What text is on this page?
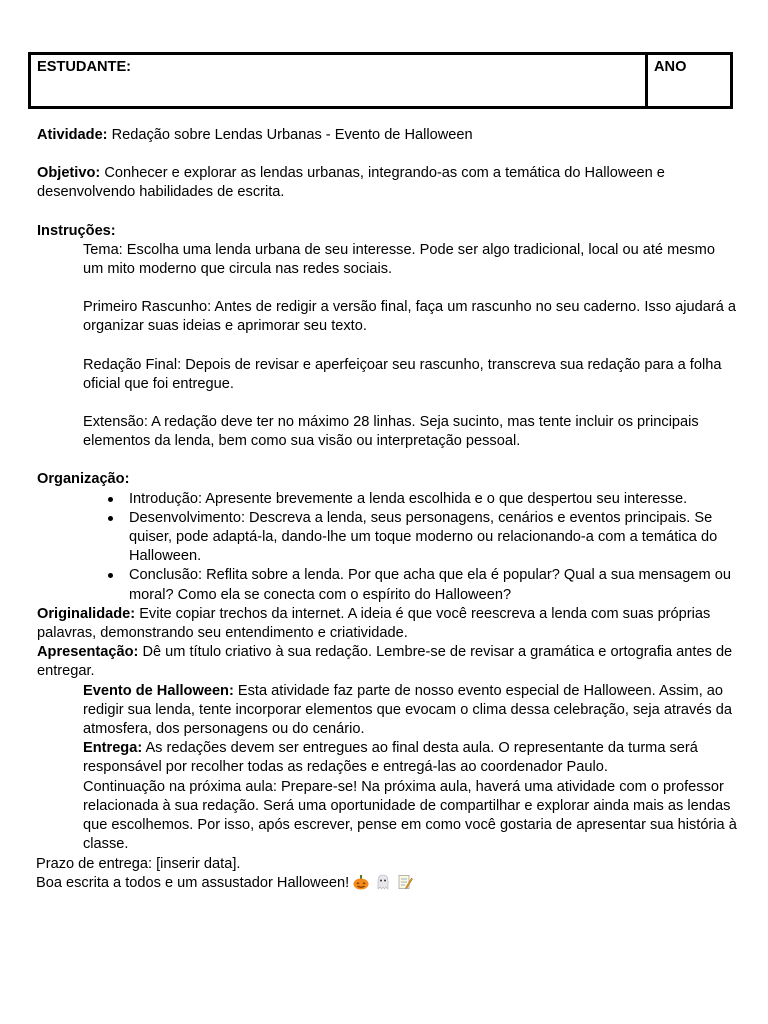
ESTUDANTE:	ANO

Atividade: Redação sobre Lendas Urbanas - Evento de Halloween

Objetivo: Conhecer e explorar as lendas urbanas, integrando-as com a temática do Halloween e desenvolvendo habilidades de escrita.

Instruções:

Tema: Escolha uma lenda urbana de seu interesse. Pode ser algo tradicional, local ou até mesmo um mito moderno que circula nas redes sociais.

Primeiro Rascunho: Antes de redigir a versão final, faça um rascunho no seu caderno. Isso ajudará a organizar suas ideias e aprimorar seu texto.

Redação Final: Depois de revisar e aperfeiçoar seu rascunho, transcreva sua redação para a folha oficial que foi entregue.

Extensão: A redação deve ter no máximo 28 linhas. Seja sucinto, mas tente incluir os principais elementos da lenda, bem como sua visão ou interpretação pessoal.

Organização:

Introdução: Apresente brevemente a lenda escolhida e o que despertou seu interesse.
Desenvolvimento: Descreva a lenda, seus personagens, cenários e eventos principais. Se quiser, pode adaptá-la, dando-lhe um toque moderno ou relacionando-a com a temática do Halloween.
Conclusão: Reflita sobre a lenda. Por que acha que ela é popular? Qual a sua mensagem ou moral? Como ela se conecta com o espírito do Halloween?

Originalidade: Evite copiar trechos da internet. A ideia é que você reescreva a lenda com suas próprias palavras, demonstrando seu entendimento e criatividade.

Apresentação: Dê um título criativo à sua redação. Lembre-se de revisar a gramática e ortografia antes de entregar.

Evento de Halloween: Esta atividade faz parte de nosso evento especial de Halloween. Assim, ao redigir sua lenda, tente incorporar elementos que evocam o clima dessa celebração, seja através da atmosfera, dos personagens ou do cenário.

Entrega: As redações devem ser entregues ao final desta aula. O representante da turma será responsável por recolher todas as redações e entregá-las ao coordenador Paulo.

Continuação na próxima aula: Prepare-se! Na próxima aula, haverá uma atividade com o professor relacionada à sua redação. Será uma oportunidade de compartilhar e explorar ainda mais as lendas que escolhemos. Por isso, após escrever, pense em como você gostaria de apresentar sua história à classe.

Prazo de entrega: [inserir data].

Boa escrita a todos e um assustador Halloween!
